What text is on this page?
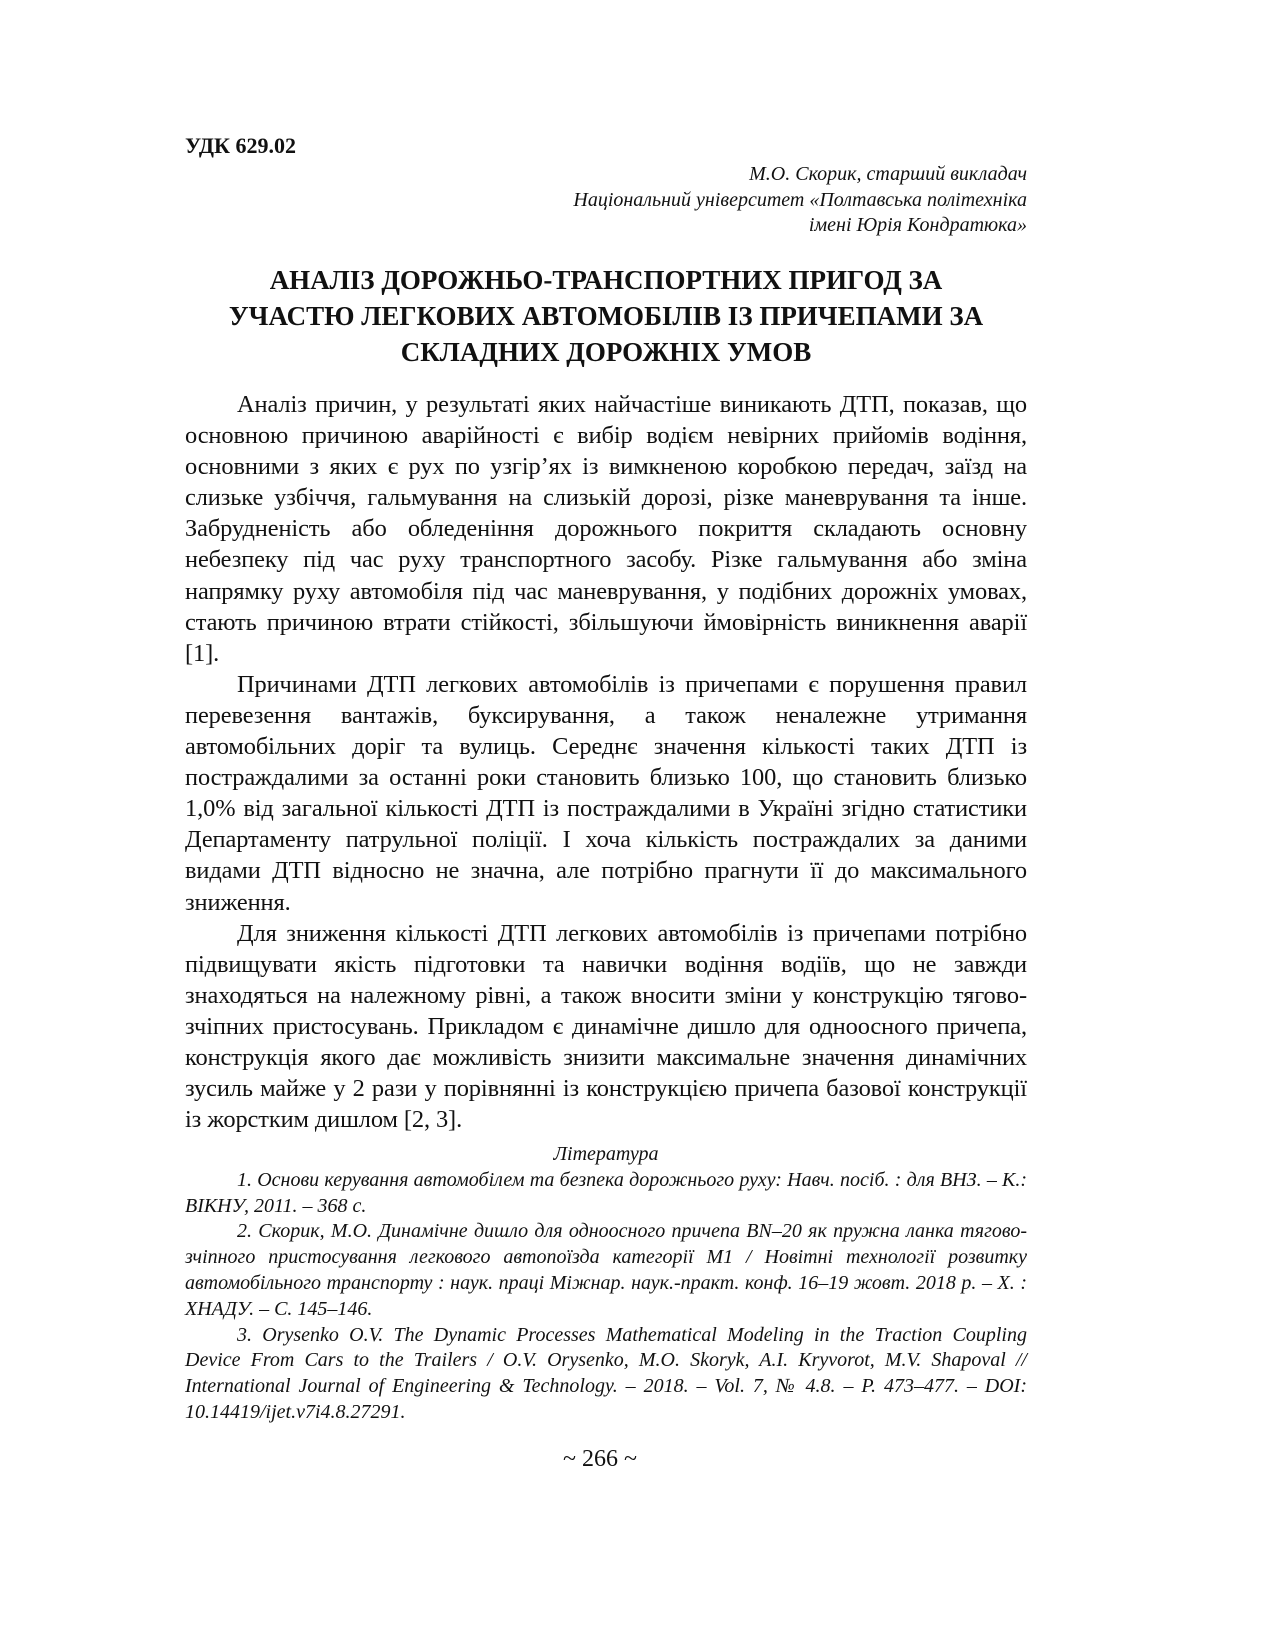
УДК 629.02
М.О. Скорик, старший викладач
Національний університет «Полтавська політехніка
імені Юрія Кондратюка»
АНАЛІЗ ДОРОЖНЬО-ТРАНСПОРТНИХ ПРИГОД ЗА
УЧАСТЮ ЛЕГКОВИХ АВТОМОБІЛІВ ІЗ ПРИЧЕПАМИ ЗА
СКЛАДНИХ ДОРОЖНІХ УМОВ

Аналіз причин, у результаті яких найчастіше виникають ДТП, показав, що основною причиною аварійності є вибір водієм невірних прийомів водіння, основними з яких є рух по узгір’ях із вимкненою коробкою передач, заїзд на слизьке узбіччя, гальмування на слизькій дорозі, різке маневрування та інше. Забрудненість або обледеніння дорожнього покриття складають основну небезпеку під час руху транспортного засобу. Різке гальмування або зміна напрямку руху автомобіля під час маневрування, у подібних дорожніх умовах, стають причиною втрати стійкості, збільшуючи ймовірність виникнення аварії [1].

Причинами ДТП легкових автомобілів із причепами є порушення правил перевезення вантажів, буксирування, а також неналежне утримання автомобільних доріг та вулиць. Середнє значення кількості таких ДТП із постраждалими за останні роки становить близько 100, що становить близько 1,0% від загальної кількості ДТП із постраждалими в Україні згідно статистики Департаменту патрульної поліції. І хоча кількість постраждалих за даними видами ДТП відносно не значна, але потрібно прагнути її до максимального зниження.

Для зниження кількості ДТП легкових автомобілів із причепами потрібно підвищувати якість підготовки та навички водіння водіїв, що не завжди знаходяться на належному рівні, а також вносити зміни у конструкцію тягово-зчіпних пристосувань. Прикладом є динамічне дишло для одноосного причепа, конструкція якого дає можливість знизити максимальне значення динамічних зусиль майже у 2 рази у порівнянні із конструкцією причепа базової конструкції із жорстким дишлом [2, 3].

Література

1. Основи керування автомобілем та безпека дорожнього руху: Навч. посіб. : для ВНЗ. – К.: ВІКНУ, 2011. – 368 с.

2. Скорик, М.О. Динамічне дишло для одноосного причепа BN–20 як пружна ланка тягово-зчіпного пристосування легкового автопоїзда категорії M1 / Новітні технології розвитку автомобільного транспорту : наук. праці Міжнар. наук.-практ. конф. 16–19 жовт. 2018 р. – Х. : ХНАДУ. – С. 145–146.

3. Orysenko O.V. The Dynamic Processes Mathematical Modeling in the Traction Coupling Device From Cars to the Trailers / O.V. Orysenko, M.O. Skoryk, A.I. Kryvorot, M.V. Shapoval // International Journal of Engineering & Technology. – 2018. – Vol. 7, № 4.8. – P. 473–477. – DOI: 10.14419/ijet.v7i4.8.27291.

~ 266 ~
